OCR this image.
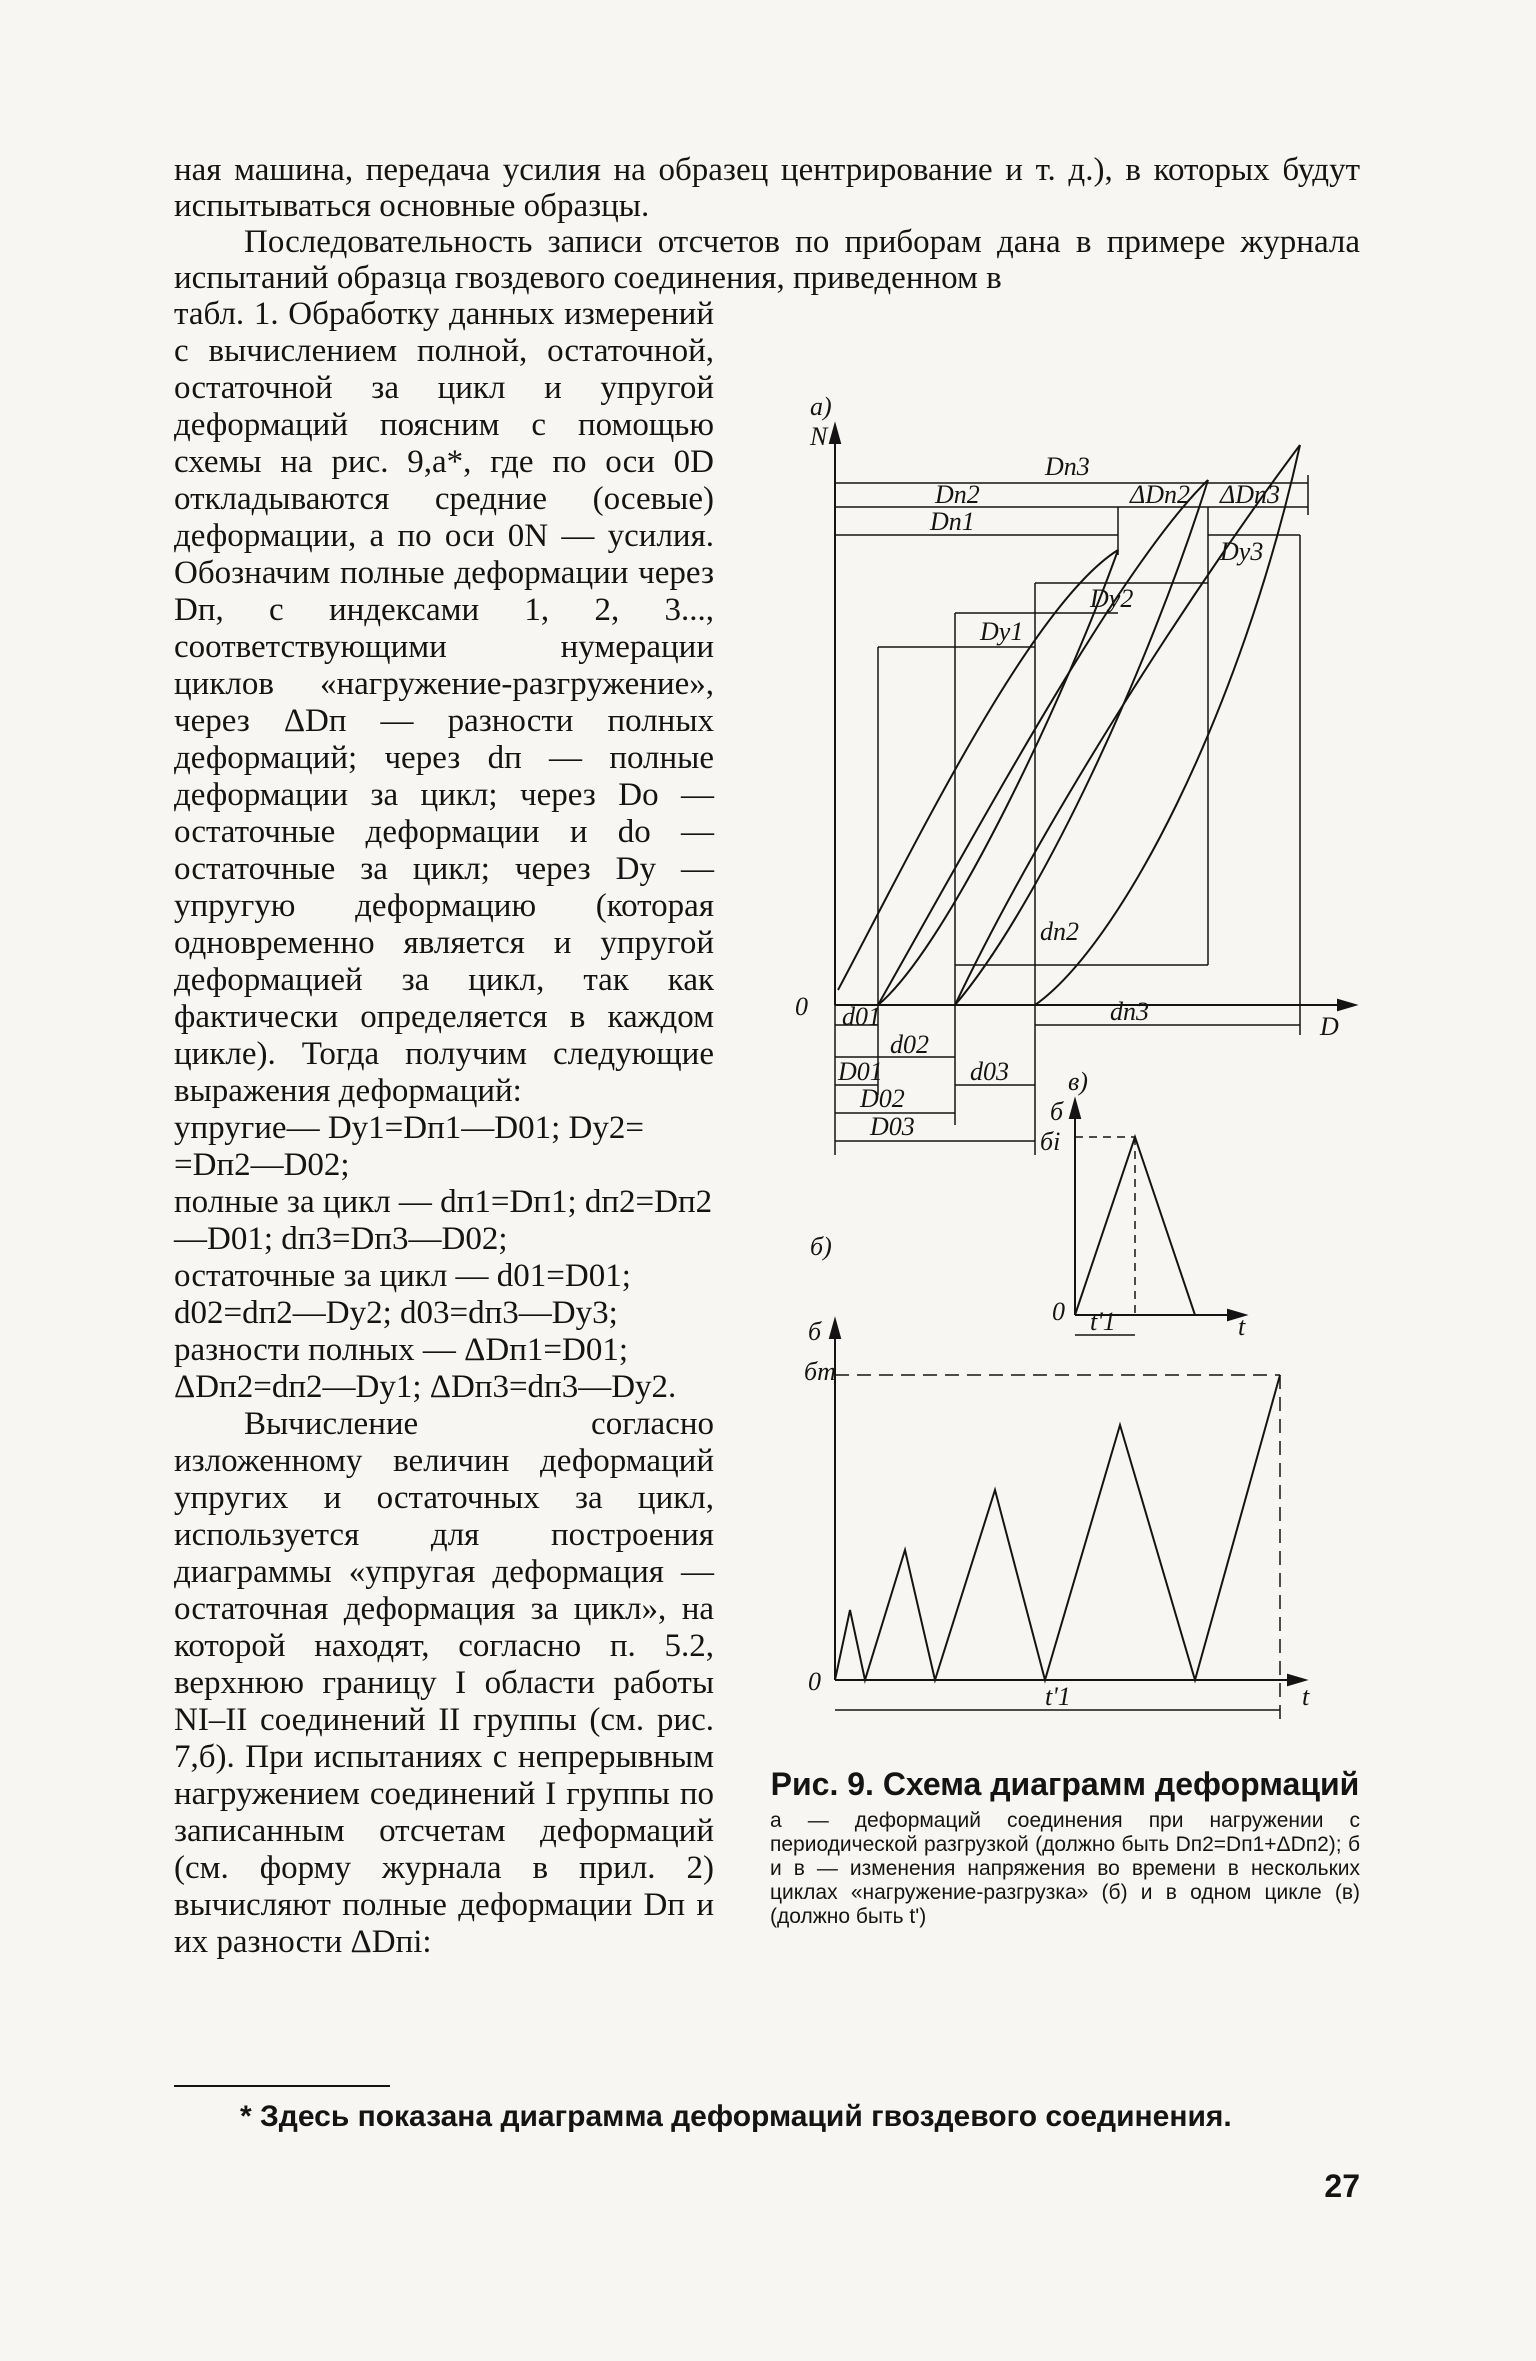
ная машина, передача усилия на образец центрирование и т. д.), в которых будут испытываться основные образцы.

Последовательность записи отсчетов по приборам дана в примере журнала испытаний образца гвоздевого соединения, приведенном в

табл. 1. Обработку данных измерений с вычислением полной, остаточной, остаточной за цикл и упругой деформаций поясним с помощью схемы на рис. 9,а*, где по оси 0D откладываются средние (осевые) деформации, а по оси 0N — усилия. Обозначим полные деформации через Dп, с индексами 1, 2, 3..., соответствующими нумерации циклов «нагружение-разгружение», через ΔDп — разности полных деформаций; через dп — полные деформации за цикл; через Dо — остаточные деформации и dо — остаточные за цикл; через Dу — упругую деформацию (которая одновременно является и упругой деформацией за цикл, так как фактически определяется в каждом цикле). Тогда получим следующие выражения деформаций:

упругие— Dу1=Dп1—D01; Dу2= =Dп2—D02;

полные за цикл — dп1=Dп1; dп2=Dп2—D01; dп3=Dп3—D02;

остаточные за цикл — d01=D01; d02=dп2—Dу2; d03=dп3—Dу3;

разности полных — ΔDп1=D01; ΔDп2=dп2—Dу1; ΔDп3=dп3—Dу2.

Вычисление согласно изложенному величин деформаций упругих и остаточных за цикл, используется для построения диаграммы «упругая деформация — остаточная деформация за цикл», на которой находят, согласно п. 5.2, верхнюю границу I области работы NI–II соединений II группы (см. рис. 7,б). При испытаниях с непрерывным нагружением соединений I группы по записанным отсчетам деформаций (см. форму журнала в прил. 2) вычисляют полные деформации Dп и их разности ΔDпi:

а)
N
0
D
Dп3
Dп2	ΔDп2 ΔDп3
Dп1
Dу3
Dу2
Dу1
dп2
dп3
d01
d02
d03
D01
D02
D03
в)
б
бi
0 t'1	t
б)
б
бm
0
t'1	t
Рис. 9. Схема диаграмм деформаций
а — деформаций соединения при нагружении с периодической разгрузкой (должно быть Dп2=Dп1+ΔDп2); б и в — изменения напряжения во времени в нескольких циклах «нагружение-разгрузка» (б) и в одном цикле (в) (должно быть t')
* Здесь показана диаграмма деформаций гвоздевого соединения.
27
